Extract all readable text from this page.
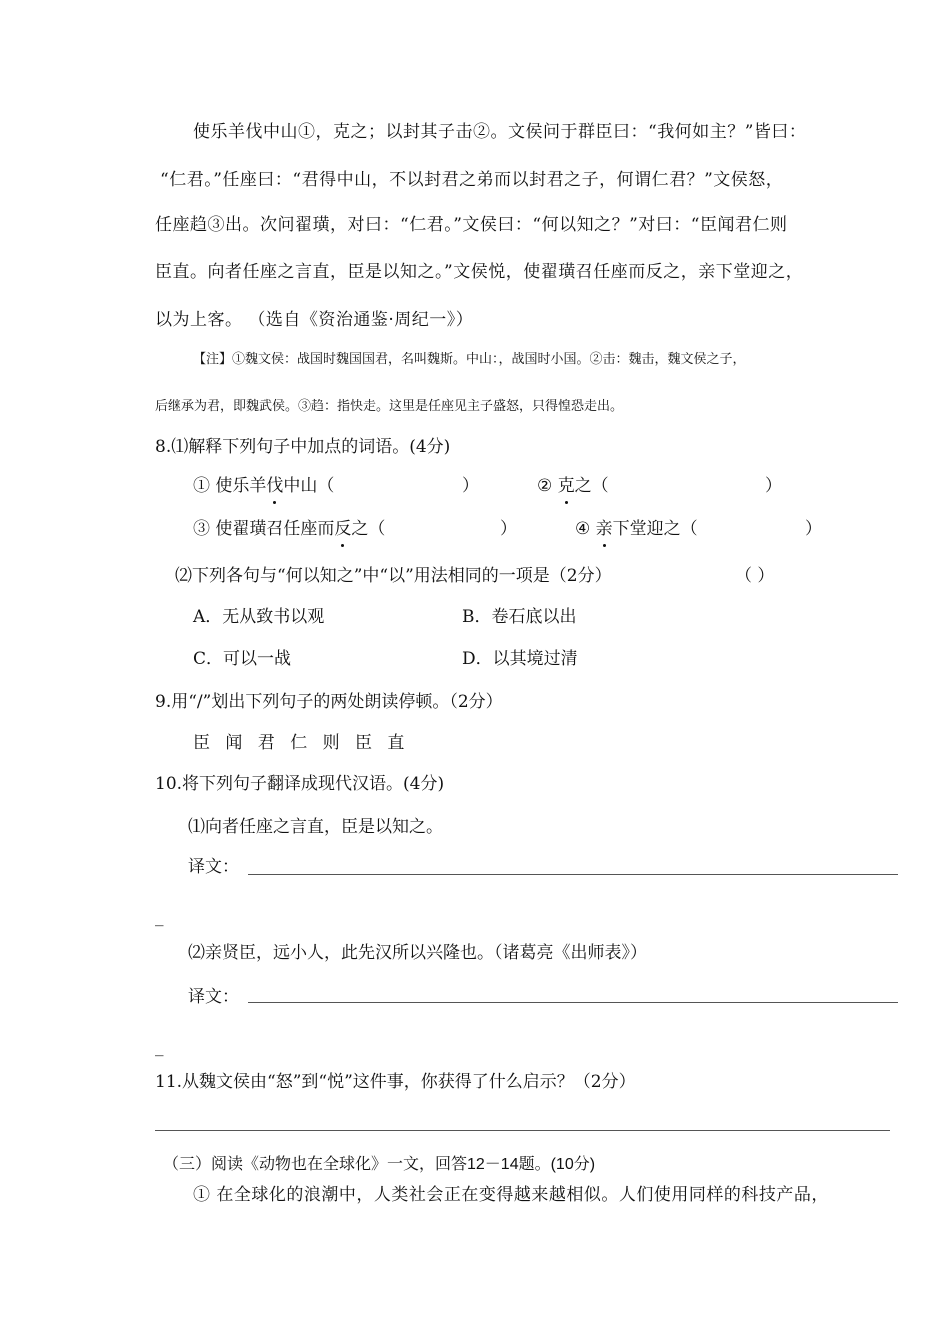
使乐羊伐中山①，克之；以封其子击②。文侯问于群臣曰：“我何如主？”皆曰：
“仁君。”任座曰：“君得中山，不以封君之弟而以封君之子，何谓仁君？”文侯怒，
任座趋③出。次问翟璜，对曰：“仁君。”文侯曰：“何以知之？”对曰：“臣闻君仁则
臣直。向者任座之言直，臣是以知之。”文侯悦，使翟璜召任座而反之，亲下堂迎之，
以为上客。 （选自《资治通鉴·周纪一》）
【注】①魏文侯：战国时魏国国君，名叫魏斯。中山：，战国时小国。②击：魏击，魏文侯之子，
后继承为君，即魏武侯。③趋：指快走。这里是任座见主子盛怒，只得惶恐走出。
8.⑴解释下列句子中加点的词语。(4分)
① 使乐羊伐中山（	）	② 克之（	）
③ 使翟璜召任座而反之（	）	④ 亲下堂迎之（	）
⑵下列各句与“何以知之”中“以”用法相同的一项是（2分）	（ ）
A．无从致书以观	B．卷石底以出
C．可以一战	D．以其境过清
9.用“/”划出下列句子的两处朗读停顿。（2分）
臣 闻 君 仁 则 臣 直
10.将下列句子翻译成现代汉语。(4分)
⑴向者任座之言直，臣是以知之。
译文：
_
⑵亲贤臣，远小人，此先汉所以兴隆也。（诸葛亮《出师表》）
译文：
_
11.从魏文侯由“怒”到“悦”这件事，你获得了什么启示？（2分）
（三）阅读《动物也在全球化》一文，回答12－14题。(10分)
① 在全球化的浪潮中，人类社会正在变得越来越相似。人们使用同样的科技产品，
